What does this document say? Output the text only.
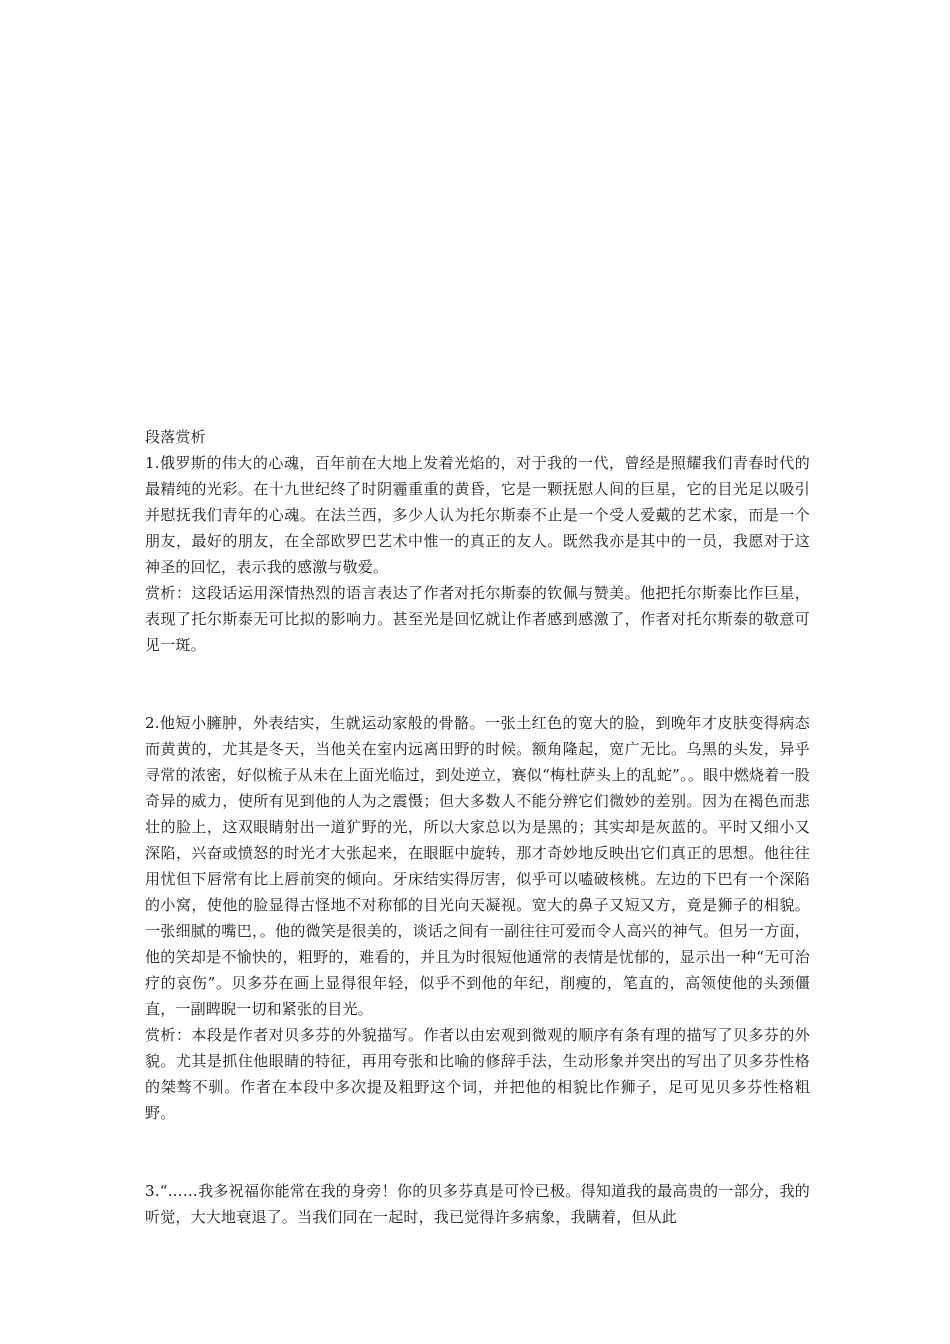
段落赏析

1.俄罗斯的伟大的心魂，百年前在大地上发着光焰的，对于我的一代，曾经是照耀我们青春时代的最精纯的光彩。在十九世纪终了时阴霾重重的黄昏，它是一颗抚慰人间的巨星，它的目光足以吸引并慰抚我们青年的心魂。在法兰西，多少人认为托尔斯泰不止是一个受人爱戴的艺术家，而是一个朋友，最好的朋友，在全部欧罗巴艺术中惟一的真正的友人。既然我亦是其中的一员，我愿对于这神圣的回忆，表示我的感激与敬爱。

赏析：这段话运用深情热烈的语言表达了作者对托尔斯泰的钦佩与赞美。他把托尔斯泰比作巨星，表现了托尔斯泰无可比拟的影响力。甚至光是回忆就让作者感到感激了，作者对托尔斯泰的敬意可见一斑。

2.他短小臃肿，外表结实，生就运动家般的骨骼。一张土红色的宽大的脸，到晚年才皮肤变得病态而黄黄的，尤其是冬天，当他关在室内远离田野的时候。额角隆起，宽广无比。乌黑的头发，异乎寻常的浓密，好似梳子从未在上面光临过，到处逆立，赛似“梅杜萨头上的乱蛇”。。眼中燃烧着一股奇异的威力，使所有见到他的人为之震慑；但大多数人不能分辨它们微妙的差别。因为在褐色而悲壮的脸上，这双眼睛射出一道犷野的光，所以大家总以为是黑的；其实却是灰蓝的。平时又细小又深陷，兴奋或愤怒的时光才大张起来，在眼眶中旋转，那才奇妙地反映出它们真正的思想。他往往用忧但下唇常有比上唇前突的倾向。牙床结实得厉害，似乎可以嗑破核桃。左边的下巴有一个深陷的小窝，使他的脸显得古怪地不对称郁的目光向天凝视。宽大的鼻子又短又方，竟是狮子的相貌。一张细腻的嘴巴，。他的微笑是很美的，谈话之间有一副往往可爱而令人高兴的神气。但另一方面，他的笑却是不愉快的，粗野的，难看的，并且为时很短他通常的表情是忧郁的，显示出一种“无可治疗的哀伤”。贝多芬在画上显得很年轻，似乎不到他的年纪，削瘦的，笔直的，高领使他的头颈僵直，一副睥睨一切和紧张的目光。

赏析：本段是作者对贝多芬的外貌描写。作者以由宏观到微观的顺序有条有理的描写了贝多芬的外貌。尤其是抓住他眼睛的特征，再用夸张和比喻的修辞手法，生动形象并突出的写出了贝多芬性格的桀骜不驯。作者在本段中多次提及粗野这个词，并把他的相貌比作狮子，足可见贝多芬性格粗野。

3.“……我多祝福你能常在我的身旁！你的贝多芬真是可怜已极。得知道我的最高贵的一部分，我的听觉，大大地衰退了。当我们同在一起时，我已觉得许多病象，我瞒着，但从此
